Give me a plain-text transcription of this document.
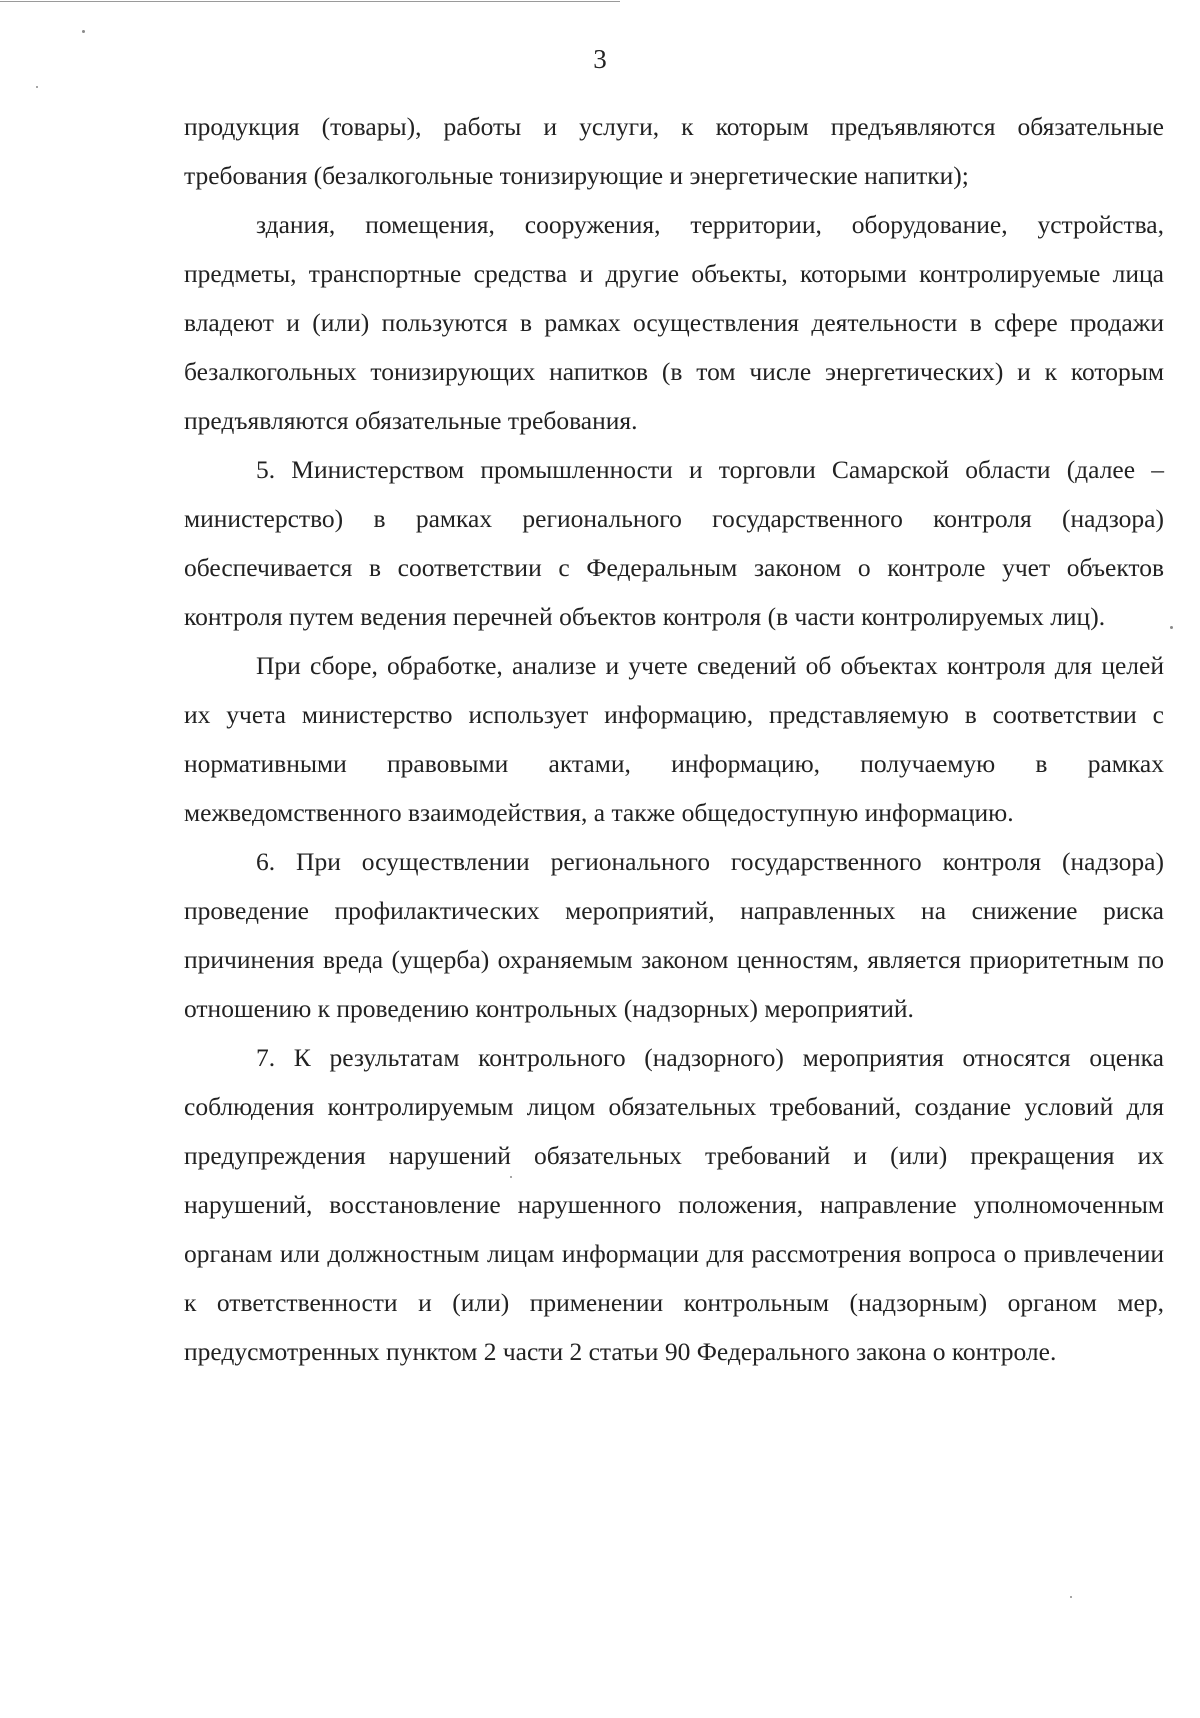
3

продукция (товары), работы и услуги, к которым предъявляются обязательные требования (безалкогольные тонизирующие и энергетические напитки);

здания, помещения, сооружения, территории, оборудование, устройства, предметы, транспортные средства и другие объекты, которыми контролируемые лица владеют и (или) пользуются в рамках осуществления деятельности в сфере продажи безалкогольных тонизирующих напитков (в том числе энергетических) и к которым предъявляются обязательные требования.

5. Министерством промышленности и торговли Самарской области (далее – министерство) в рамках регионального государственного контроля (надзора) обеспечивается в соответствии с Федеральным законом о контроле учет объектов контроля путем ведения перечней объектов контроля (в части контролируемых лиц).

При сборе, обработке, анализе и учете сведений об объектах контроля для целей их учета министерство использует информацию, представляемую в соответствии с нормативными правовыми актами, информацию, получаемую в рамках межведомственного взаимодействия, а также общедоступную информацию.

6. При осуществлении регионального государственного контроля (надзора) проведение профилактических мероприятий, направленных на снижение риска причинения вреда (ущерба) охраняемым законом ценностям, является приоритетным по отношению к проведению контрольных (надзорных) мероприятий.

7. К результатам контрольного (надзорного) мероприятия относятся оценка соблюдения контролируемым лицом обязательных требований, создание условий для предупреждения нарушений обязательных требований и (или) прекращения их нарушений, восстановление нарушенного положения, направление уполномоченным органам или должностным лицам информации для рассмотрения вопроса о привлечении к ответственности и (или) применении контрольным (надзорным) органом мер, предусмотренных пунктом 2 части 2 статьи 90 Федерального закона о контроле.
